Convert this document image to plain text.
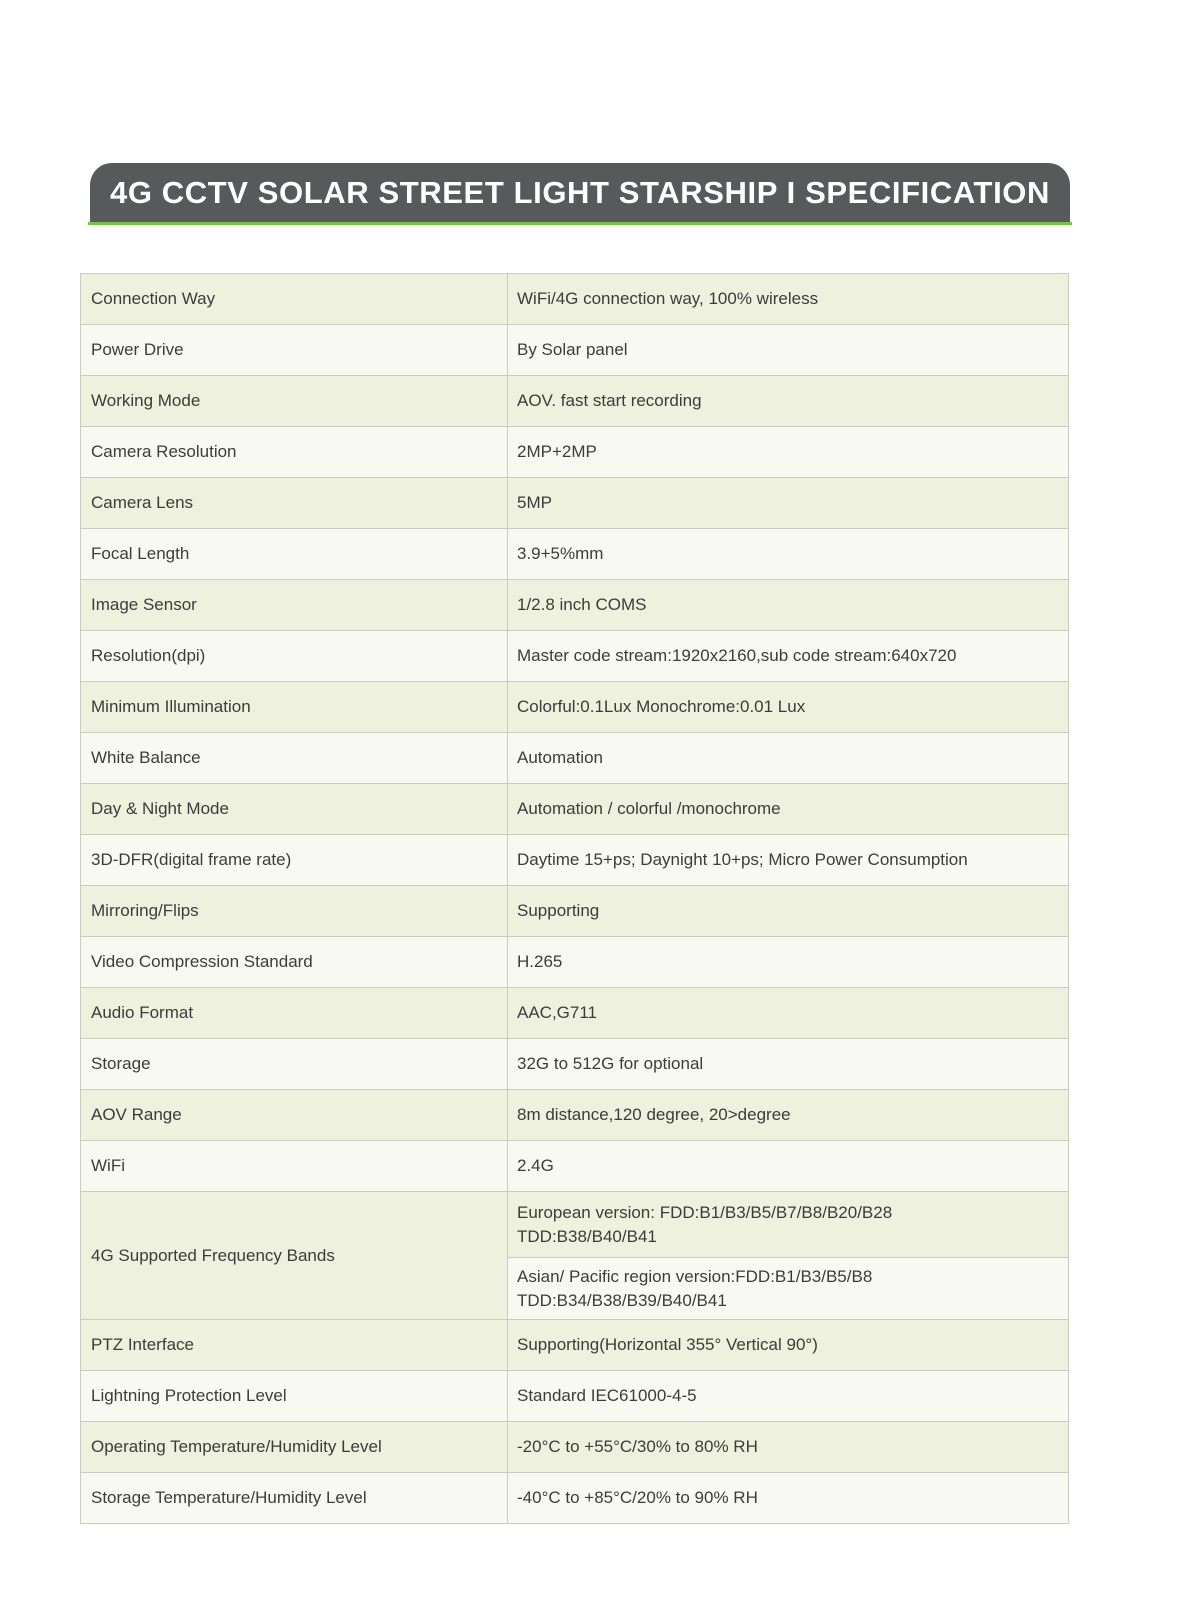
4G CCTV SOLAR STREET LIGHT STARSHIP I SPECIFICATION
Connection Way	WiFi/4G connection way, 100% wireless
Power Drive	By Solar panel
Working Mode	AOV. fast start recording
Camera Resolution	2MP+2MP
Camera Lens	5MP
Focal Length	3.9+5%mm
Image Sensor	1/2.8 inch COMS
Resolution(dpi)	Master code stream:1920x2160,sub code stream:640x720
Minimum Illumination	Colorful:0.1Lux Monochrome:0.01 Lux
White Balance	Automation
Day & Night Mode	Automation / colorful /monochrome
3D-DFR(digital frame rate)	Daytime 15+ps; Daynight 10+ps; Micro Power Consumption
Mirroring/Flips	Supporting
Video Compression Standard	H.265
Audio Format	AAC,G711
Storage	32G to 512G for optional
AOV Range	8m distance,120 degree, 20>degree
WiFi	2.4G
4G Supported Frequency Bands	European version: FDD:B1/B3/B5/B7/B8/B20/B28
TDD:B38/B40/B41

	Asian/ Pacific region version:FDD:B1/B3/B5/B8
TDD:B34/B38/B39/B40/B41

PTZ Interface	Supporting(Horizontal 355° Vertical 90°)
Lightning Protection Level	Standard IEC61000-4-5
Operating Temperature/Humidity Level	-20°C to +55°C/30% to 80% RH
Storage Temperature/Humidity Level	-40°C to +85°C/20% to 90% RH
